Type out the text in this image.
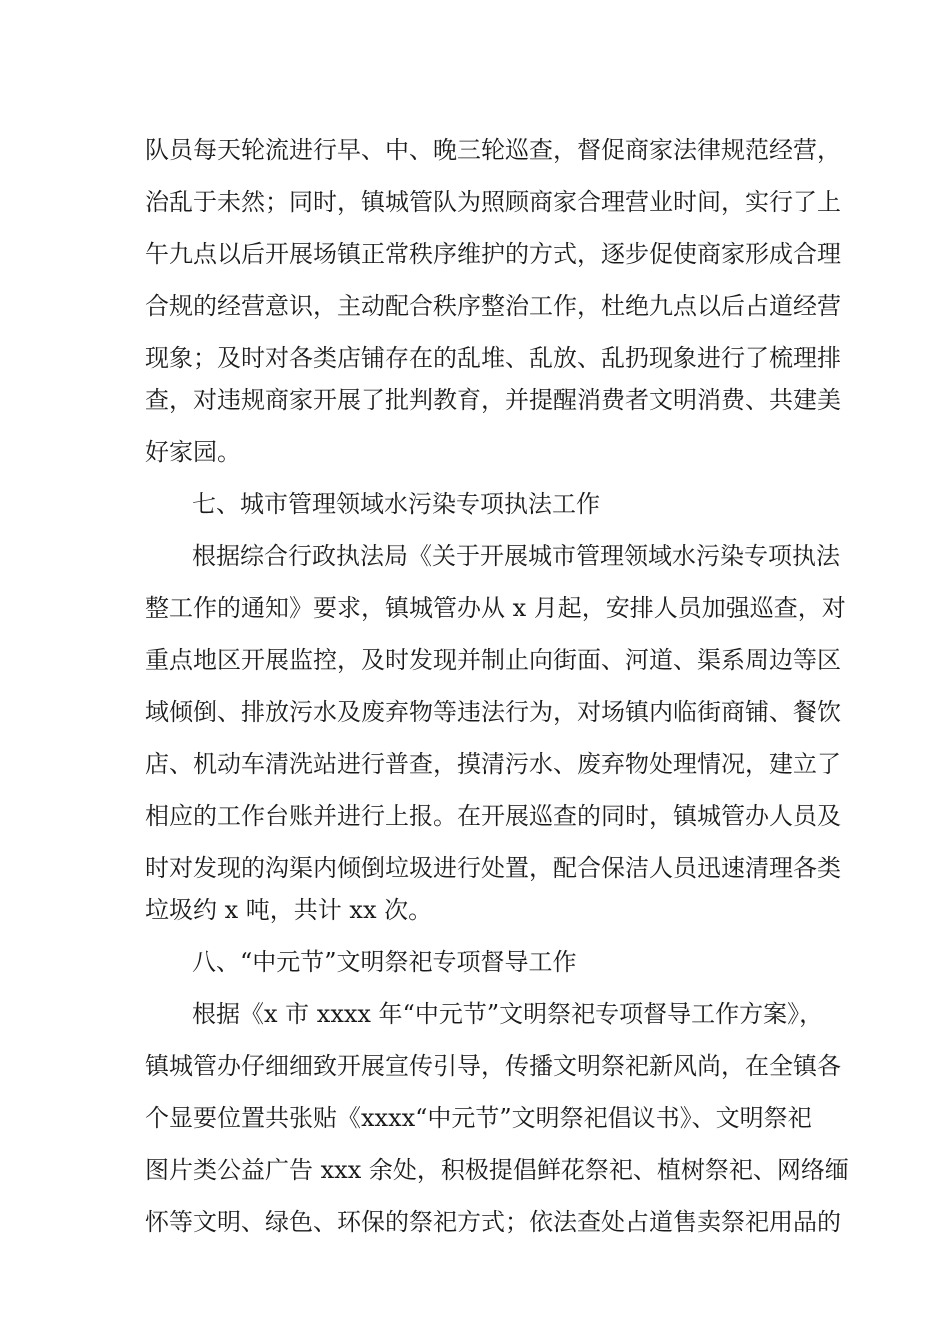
队员每天轮流进行早、中、晚三轮巡查，督促商家法律规范经营，
治乱于未然；同时，镇城管队为照顾商家合理营业时间，实行了上
午九点以后开展场镇正常秩序维护的方式，逐步促使商家形成合理
合规的经营意识，主动配合秩序整治工作，杜绝九点以后占道经营
现象；及时对各类店铺存在的乱堆、乱放、乱扔现象进行了梳理排
查，对违规商家开展了批判教育，并提醒消费者文明消费、共建美
好家园。
七、城市管理领域水污染专项执法工作
根据综合行政执法局《关于开展城市管理领域水污染专项执法
整工作的通知》要求，镇城管办从 x 月起，安排人员加强巡查，对
重点地区开展监控，及时发现并制止向街面、河道、渠系周边等区
域倾倒、排放污水及废弃物等违法行为，对场镇内临街商铺、餐饮
店、机动车清洗站进行普查，摸清污水、废弃物处理情况，建立了
相应的工作台账并进行上报。在开展巡查的同时，镇城管办人员及
时对发现的沟渠内倾倒垃圾进行处置，配合保洁人员迅速清理各类
垃圾约 x 吨，共计 xx 次。
八、“中元节”文明祭祀专项督导工作
根据《x 市 xxxx 年“中元节”文明祭祀专项督导工作方案》，
镇城管办仔细细致开展宣传引导，传播文明祭祀新风尚，在全镇各
个显要位置共张贴《xxxx“中元节”文明祭祀倡议书》、文明祭祀
图片类公益广告 xxx 余处，积极提倡鲜花祭祀、植树祭祀、网络缅
怀等文明、绿色、环保的祭祀方式；依法查处占道售卖祭祀用品的
